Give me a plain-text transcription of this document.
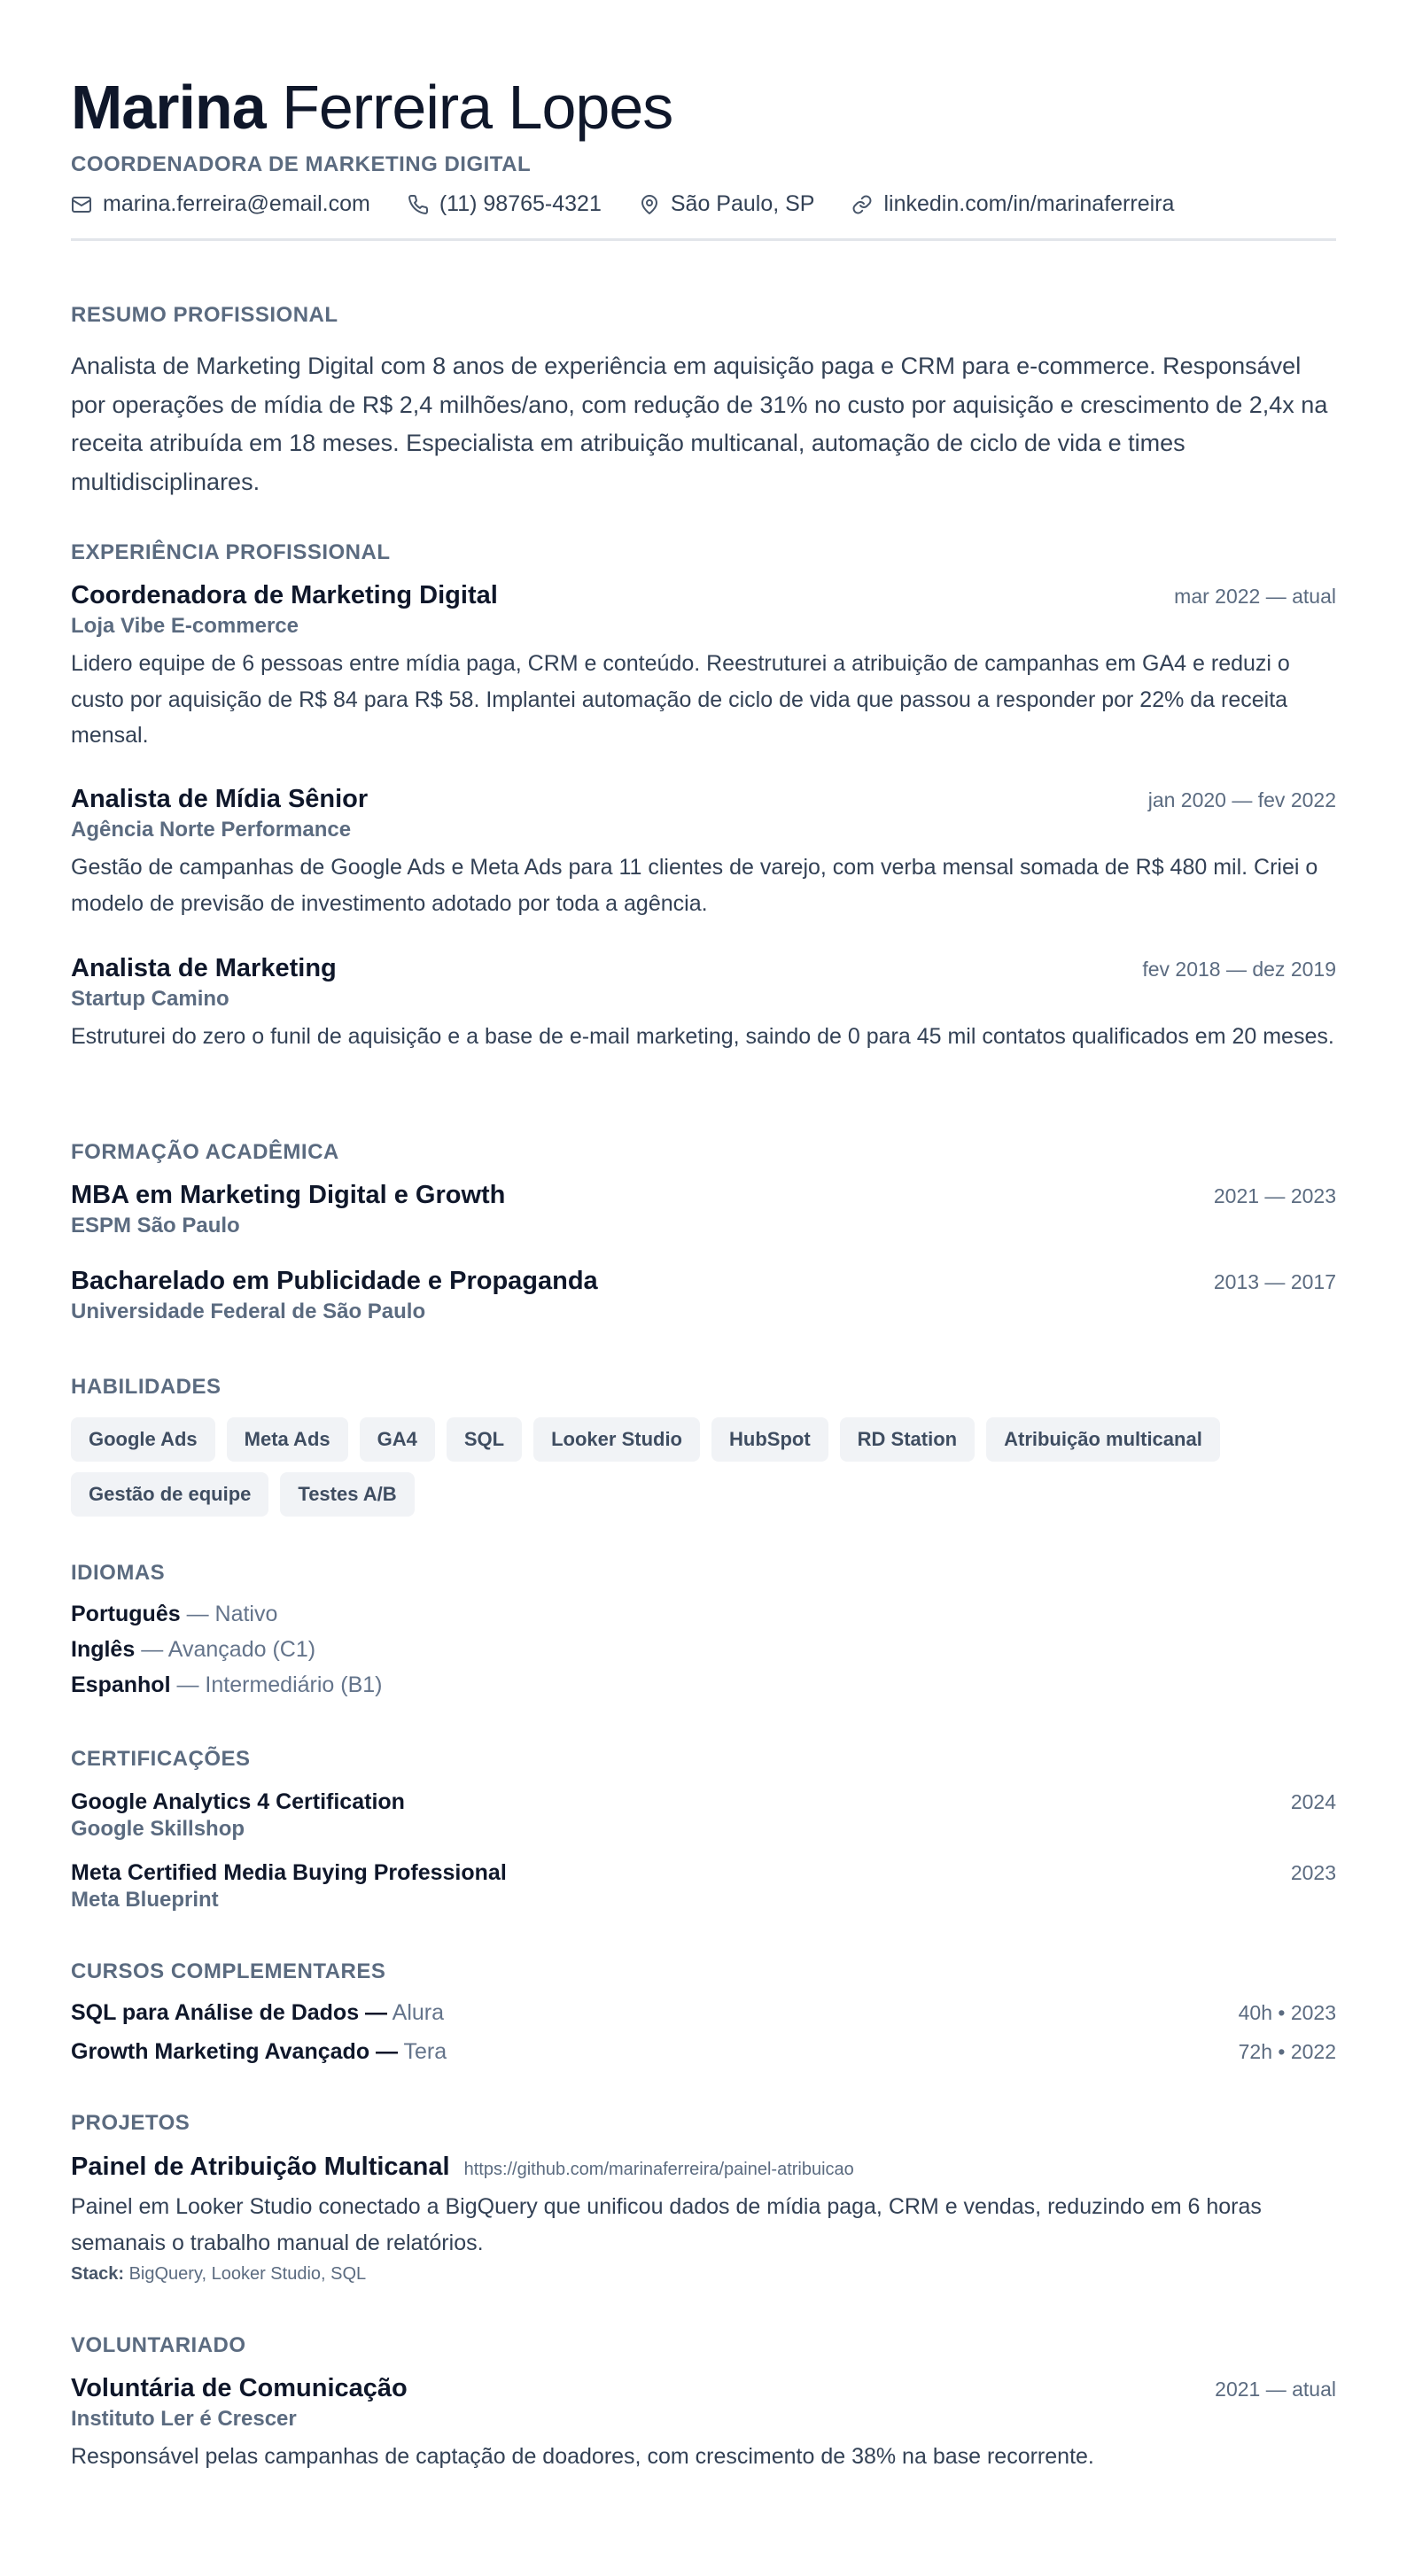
Marina Ferreira Lopes
COORDENADORA DE MARKETING DIGITAL
marina.ferreira@email.com	(11) 98765-4321	São Paulo, SP	linkedin.com/in/marinaferreira
RESUMO PROFISSIONAL
Analista de Marketing Digital com 8 anos de experiência em aquisição paga e CRM para e-commerce. Responsável por operações de mídia de R$ 2,4 milhões/ano, com redução de 31% no custo por aquisição e crescimento de 2,4x na receita atribuída em 18 meses. Especialista em atribuição multicanal, automação de ciclo de vida e times multidisciplinares.
EXPERIÊNCIA PROFISSIONAL
Coordenadora de Marketing Digital	mar 2022 — atual
Loja Vibe E-commerce
Lidero equipe de 6 pessoas entre mídia paga, CRM e conteúdo. Reestruturei a atribuição de campanhas em GA4 e reduzi o custo por aquisição de R$ 84 para R$ 58. Implantei automação de ciclo de vida que passou a responder por 22% da receita mensal.
Analista de Mídia Sênior	jan 2020 — fev 2022
Agência Norte Performance
Gestão de campanhas de Google Ads e Meta Ads para 11 clientes de varejo, com verba mensal somada de R$ 480 mil. Criei o modelo de previsão de investimento adotado por toda a agência.
Analista de Marketing	fev 2018 — dez 2019
Startup Camino
Estruturei do zero o funil de aquisição e a base de e-mail marketing, saindo de 0 para 45 mil contatos qualificados em 20 meses.
FORMAÇÃO ACADÊMICA
MBA em Marketing Digital e Growth	2021 — 2023
ESPM São Paulo
Bacharelado em Publicidade e Propaganda	2013 — 2017
Universidade Federal de São Paulo
HABILIDADES
Google Ads	Meta Ads	GA4	SQL	Looker Studio	HubSpot	RD Station	Atribuição multicanal
Gestão de equipe	Testes A/B
IDIOMAS
Português — Nativo
Inglês — Avançado (C1)
Espanhol — Intermediário (B1)
CERTIFICAÇÕES
Google Analytics 4 Certification	2024
Google Skillshop
Meta Certified Media Buying Professional	2023
Meta Blueprint
CURSOS COMPLEMENTARES
SQL para Análise de Dados — Alura	40h • 2023
Growth Marketing Avançado — Tera	72h • 2022
PROJETOS
Painel de Atribuição Multicanal https://github.com/marinaferreira/painel-atribuicao
Painel em Looker Studio conectado a BigQuery que unificou dados de mídia paga, CRM e vendas, reduzindo em 6 horas semanais o trabalho manual de relatórios.
Stack: BigQuery, Looker Studio, SQL
VOLUNTARIADO
Voluntária de Comunicação	2021 — atual
Instituto Ler é Crescer
Responsável pelas campanhas de captação de doadores, com crescimento de 38% na base recorrente.
